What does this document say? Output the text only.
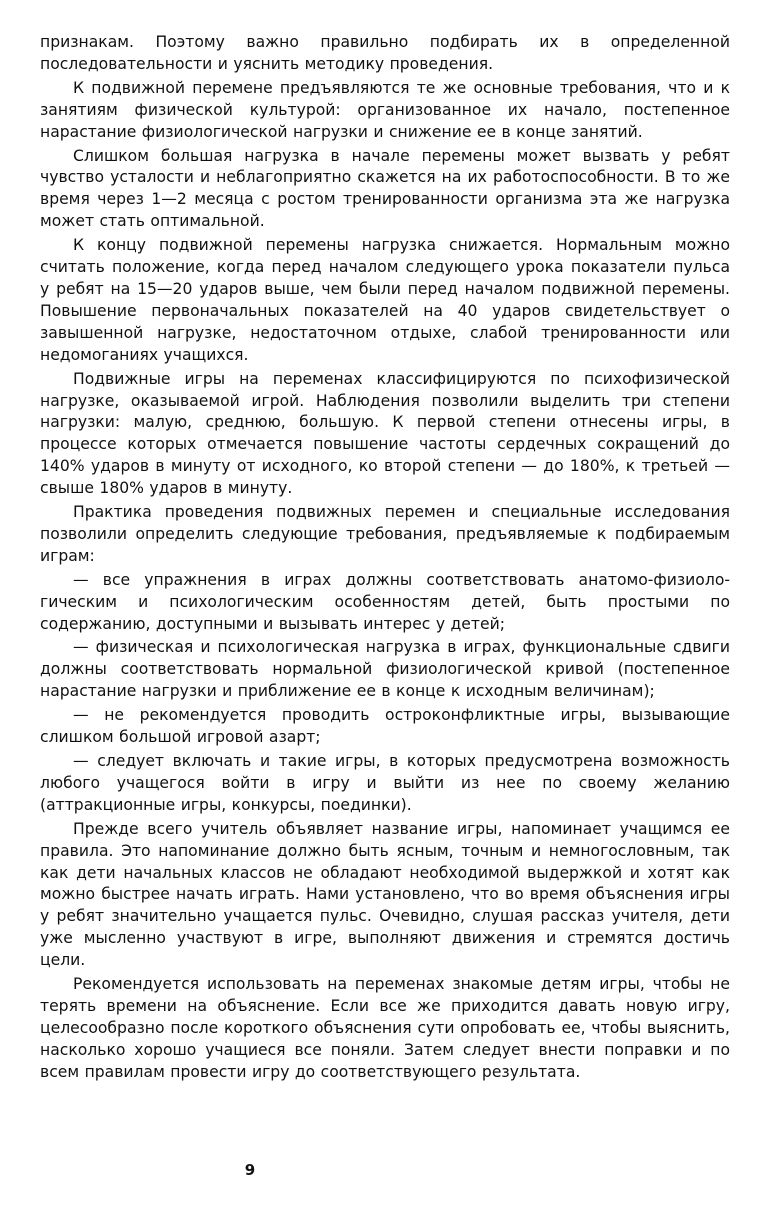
признакам. Поэтому важно правильно подбирать их в определенной последовательности и уяснить методику проведения.

К подвижной перемене предъявляются те же основные требования, что и к занятиям физической культурой: организованное их начало, постепенное нарастание физиологической нагрузки и снижение ее в конце занятий.

Слишком большая нагрузка в начале перемены может вызвать у ребят чувство усталости и неблагоприятно скажется на их работоспособности. В то же время через 1—2 месяца с ростом тренированности организма эта же нагрузка может стать оптимальной.

К концу подвижной перемены нагрузка снижается. Нормальным можно считать положение, когда перед началом следующего урока показатели пульса у ребят на 15—20 ударов выше, чем были перед началом подвижной перемены. Повышение первоначальных показателей на 40 ударов свидетельствует о завышенной нагрузке, недостаточном отдыхе, слабой тренированности или недомоганиях учащихся.

Подвижные игры на переменах классифицируются по психофизической нагрузке, оказываемой игрой. Наблюдения позволили выделить три степени нагрузки: малую, среднюю, большую. К первой степени отнесены игры, в процессе которых отмечается повышение частоты сердечных сокращений до 140% ударов в минуту от исходного, ко второй степени — до 180%, к третьей — свыше 180% ударов в минуту.

Практика проведения подвижных перемен и специальные исследования позволили определить следующие требования, предъявляемые к подбираемым играм:

— все упражнения в играх должны соответствовать анатомо-физиологическим и психологическим особенностям детей, быть простыми по содержанию, доступными и вызывать интерес у детей;

— физическая и психологическая нагрузка в играх, функциональные сдвиги должны соответствовать нормальной физиологической кривой (постепенное нарастание нагрузки и приближение ее в конце к исходным величинам);

— не рекомендуется проводить остроконфликтные игры, вызывающие слишком большой игровой азарт;

— следует включать и такие игры, в которых предусмотрена возможность любого учащегося войти в игру и выйти из нее по своему желанию (аттракционные игры, конкурсы, поединки).

Прежде всего учитель объявляет название игры, напоминает учащимся ее правила. Это напоминание должно быть ясным, точным и немногословным, так как дети начальных классов не обладают необходимой выдержкой и хотят как можно быстрее начать играть. Нами установлено, что во время объяснения игры у ребят значительно учащается пульс. Очевидно, слушая рассказ учителя, дети уже мысленно участвуют в игре, выполняют движения и стремятся достичь цели.

Рекомендуется использовать на переменах знакомые детям игры, чтобы не терять времени на объяснение. Если все же приходится давать новую игру, целесообразно после короткого объяснения сути опробовать ее, чтобы выяснить, насколько хорошо учащиеся все поняли. Затем следует внести поправки и по всем правилам провести игру до соответствующего результата.

9
